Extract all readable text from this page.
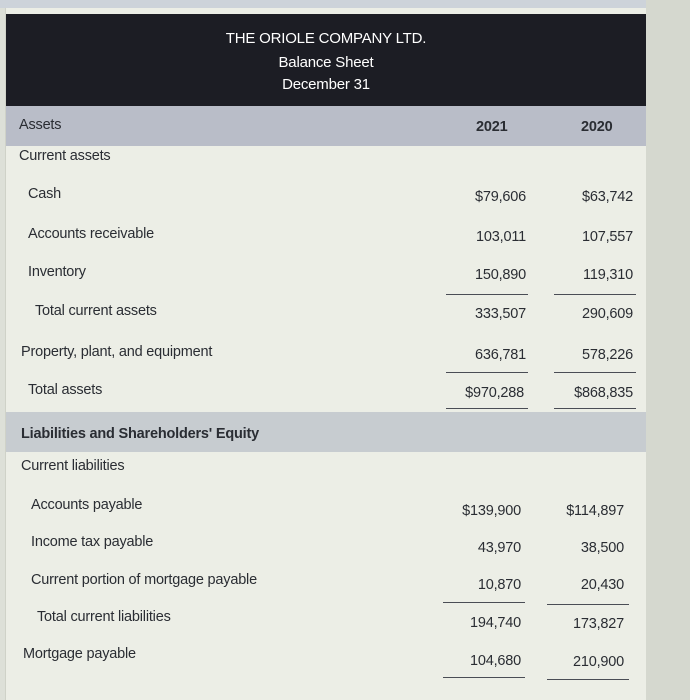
THE ORIOLE COMPANY LTD.
Balance Sheet
December 31
Assets	2021	2020
Current assets
Cash	$79,606	$63,742
Accounts receivable	103,011	107,557
Inventory	150,890	119,310
Total current assets	333,507	290,609
Property, plant, and equipment	636,781	578,226
Total assets	$970,288	$868,835
Liabilities and Shareholders' Equity
Current liabilities
Accounts payable	$139,900	$114,897
Income tax payable	43,970	38,500
Current portion of mortgage payable	10,870	20,430
Total current liabilities	194,740	173,827
Mortgage payable	104,680	210,900
